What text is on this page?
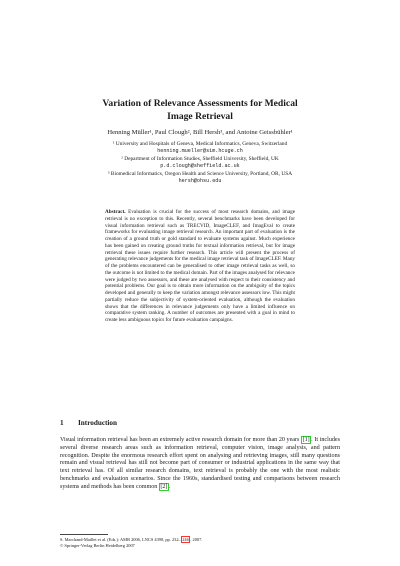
Variation of Relevance Assessments for Medical
Image Retrieval
Henning Müller¹, Paul Clough², Bill Hersh³, and Antoine Geissbühler¹
¹ University and Hospitals of Geneva, Medical Informatics, Geneva, Switzerland
henning.mueller@sim.hcuge.ch
² Department of Information Studies, Sheffield University, Sheffield, UK
p.d.clough@sheffield.ac.uk
³ Biomedical Informatics, Oregon Health and Science University, Portland, OR, USA
hersh@ohsu.edu
Abstract. Evaluation is crucial for the success of most research domains, and image retrieval is no exception to this. Recently, several benchmarks have been developed for visual information retrieval such as TRECVID, ImageCLEF, and ImagEval to create frameworks for evaluating image retrieval research. An important part of evaluation is the creation of a ground truth or gold standard to evaluate systems against. Much experience has been gained on creating ground truths for textual information retrieval, but for image retrieval these issues require further research. This article will present the process of generating relevance judgements for the medical image retrieval task of ImageCLEF. Many of the problems encountered can be generalised to other image retrieval tasks as well, so the outcome is not limited to the medical domain. Part of the images analysed for relevance were judged by two assessors, and these are analysed with respect to their consistency and potential problems. Our goal is to obtain more information on the ambiguity of the topics developed and generally to keep the variation amongst relevance assessors low. This might partially reduce the subjectivity of system-oriented evaluation, although the evaluation shows that the differences in relevance judgements only have a limited influence on comparative system ranking. A number of outcomes are presented with a goal in mind to create less ambiguous topics for future evaluation campaigns.
1 Introduction
Visual information retrieval has been an extremely active research domain for more than 20 years [1] . It includes several diverse research areas such as information retrieval, computer vision, image analysis, and pattern recognition. Despite the enormous research effort spent on analysing and retrieving images, still many questions remain and visual retrieval has still not become part of consumer or industrial applications in the same way that text retrieval has. Of all similar research domains, text retrieval is probably the one with the most realistic benchmarks and evaluation scenarios. Since the 1960s, standardised testing and comparisons between research systems and methods has been common [2] .
S. Marchand-Maillet et al. (Eds.): AMR 2006, LNCS 4398, pp. 232– 246 , 2007.
© Springer-Verlag Berlin Heidelberg 2007
